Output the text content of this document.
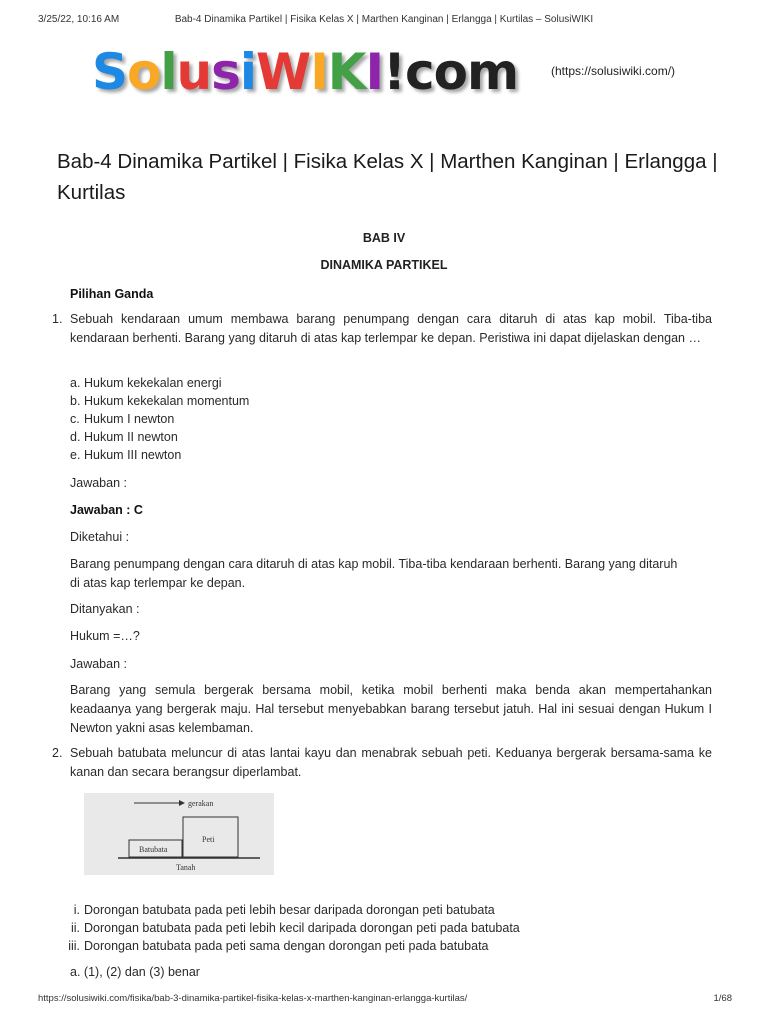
3/25/22, 10:16 AM	Bab-4 Dinamika Partikel | Fisika Kelas X | Marthen Kanginan | Erlangga | Kurtilas – SolusiWIKI
SolusiWIKI!com	(https://solusiwiki.com/)
Bab-4 Dinamika Partikel | Fisika Kelas X | Marthen Kanginan | Erlangga | Kurtilas
BAB IV
DINAMIKA PARTIKEL
Pilihan Ganda
1. Sebuah kendaraan umum membawa barang penumpang dengan cara ditaruh di atas kap mobil. Tiba-tiba kendaraan berhenti. Barang yang ditaruh di atas kap terlempar ke depan. Peristiwa ini dapat dijelaskan dengan …
a. Hukum kekekalan energi
b. Hukum kekekalan momentum
c. Hukum I newton
d. Hukum II newton
e. Hukum III newton
Jawaban :
Jawaban : C
Diketahui :
Barang penumpang dengan cara ditaruh di atas kap mobil. Tiba-tiba kendaraan berhenti. Barang yang ditaruh di atas kap terlempar ke depan.
Ditanyakan :
Hukum =…?
Jawaban :
Barang yang semula bergerak bersama mobil, ketika mobil berhenti maka benda akan mempertahankan keadaanya yang bergerak maju. Hal tersebut menyebabkan barang tersebut jatuh. Hal ini sesuai dengan Hukum I Newton yakni asas kelembaman.
2. Sebuah batubata meluncur di atas lantai kayu dan menabrak sebuah peti. Keduanya bergerak bersama-sama ke kanan dan secara berangsur diperlambat.
gerakan
Batubata
Peti
Tanah
i. Dorongan batubata pada peti lebih besar daripada dorongan peti batubata
ii. Dorongan batubata pada peti lebih kecil daripada dorongan peti pada batubata
iii. Dorongan batubata pada peti sama dengan dorongan peti pada batubata
a. (1), (2) dan (3) benar
https://solusiwiki.com/fisika/bab-3-dinamika-partikel-fisika-kelas-x-marthen-kanginan-erlangga-kurtilas/	1/68
